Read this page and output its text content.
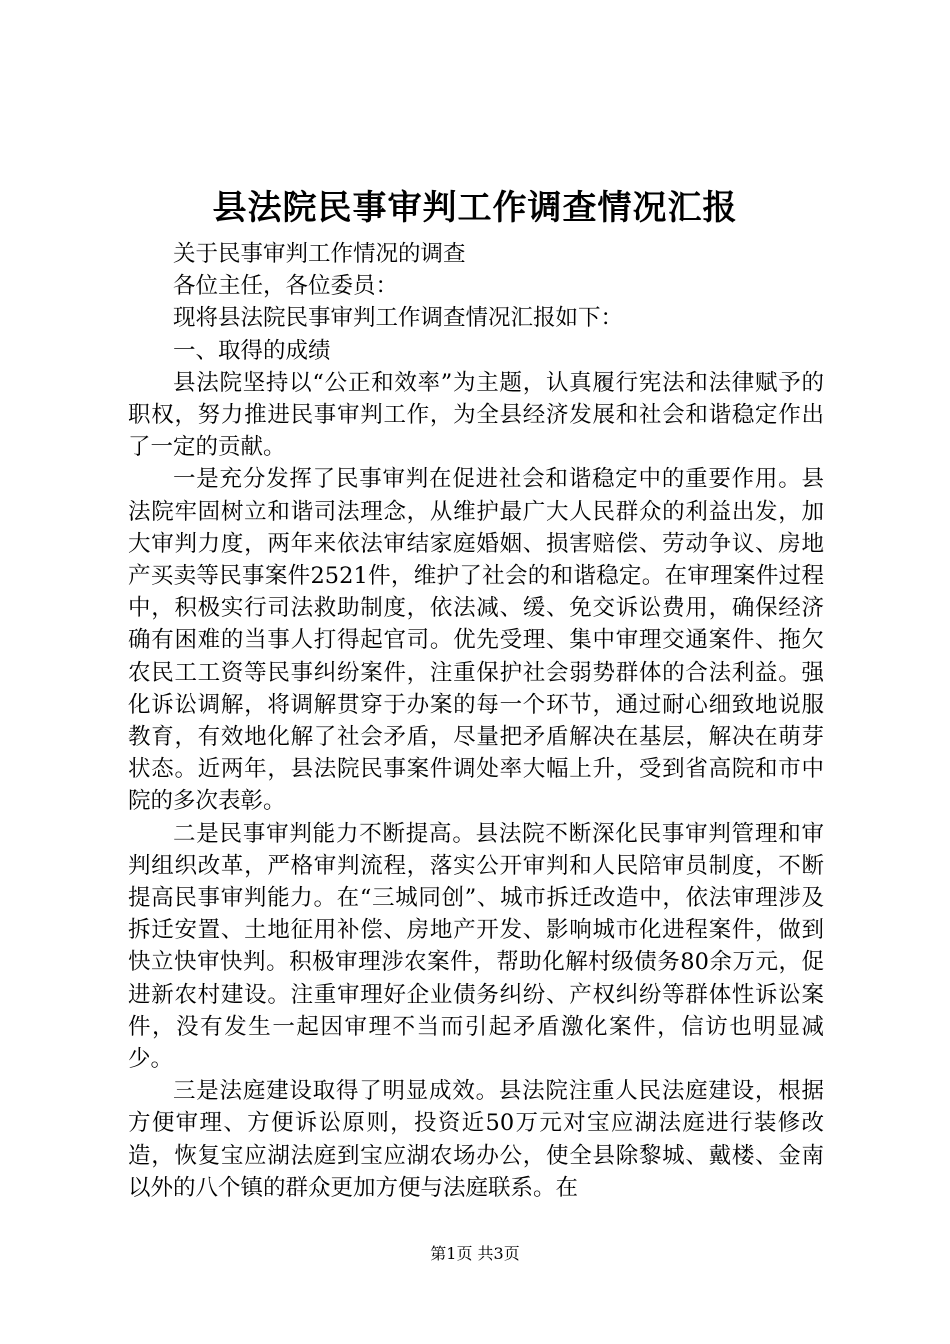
县法院民事审判工作调查情况汇报

关于民事审判工作情况的调查

各位主任，各位委员：

现将县法院民事审判工作调查情况汇报如下：

一、取得的成绩

县法院坚持以“公正和效率”为主题，认真履行宪法和法律赋予的职权，努力推进民事审判工作，为全县经济发展和社会和谐稳定作出了一定的贡献。

一是充分发挥了民事审判在促进社会和谐稳定中的重要作用。县法院牢固树立和谐司法理念，从维护最广大人民群众的利益出发，加大审判力度，两年来依法审结家庭婚姻、损害赔偿、劳动争议、房地产买卖等民事案件2521件，维护了社会的和谐稳定。在审理案件过程中，积极实行司法救助制度，依法减、缓、免交诉讼费用，确保经济确有困难的当事人打得起官司。优先受理、集中审理交通案件、拖欠农民工工资等民事纠纷案件，注重保护社会弱势群体的合法利益。强化诉讼调解，将调解贯穿于办案的每一个环节，通过耐心细致地说服教育，有效地化解了社会矛盾，尽量把矛盾解决在基层，解决在萌芽状态。近两年，县法院民事案件调处率大幅上升，受到省高院和市中院的多次表彰。

二是民事审判能力不断提高。县法院不断深化民事审判管理和审判组织改革，严格审判流程，落实公开审判和人民陪审员制度，不断提高民事审判能力。在“三城同创”、城市拆迁改造中，依法审理涉及拆迁安置、土地征用补偿、房地产开发、影响城市化进程案件，做到快立快审快判。积极审理涉农案件，帮助化解村级债务80余万元，促进新农村建设。注重审理好企业债务纠纷、产权纠纷等群体性诉讼案件，没有发生一起因审理不当而引起矛盾激化案件，信访也明显减少。

三是法庭建设取得了明显成效。县法院注重人民法庭建设，根据方便审理、方便诉讼原则，投资近50万元对宝应湖法庭进行装修改造，恢复宝应湖法庭到宝应湖农场办公，使全县除黎城、戴楼、金南以外的八个镇的群众更加方便与法庭联系。在

第1页 共3页
